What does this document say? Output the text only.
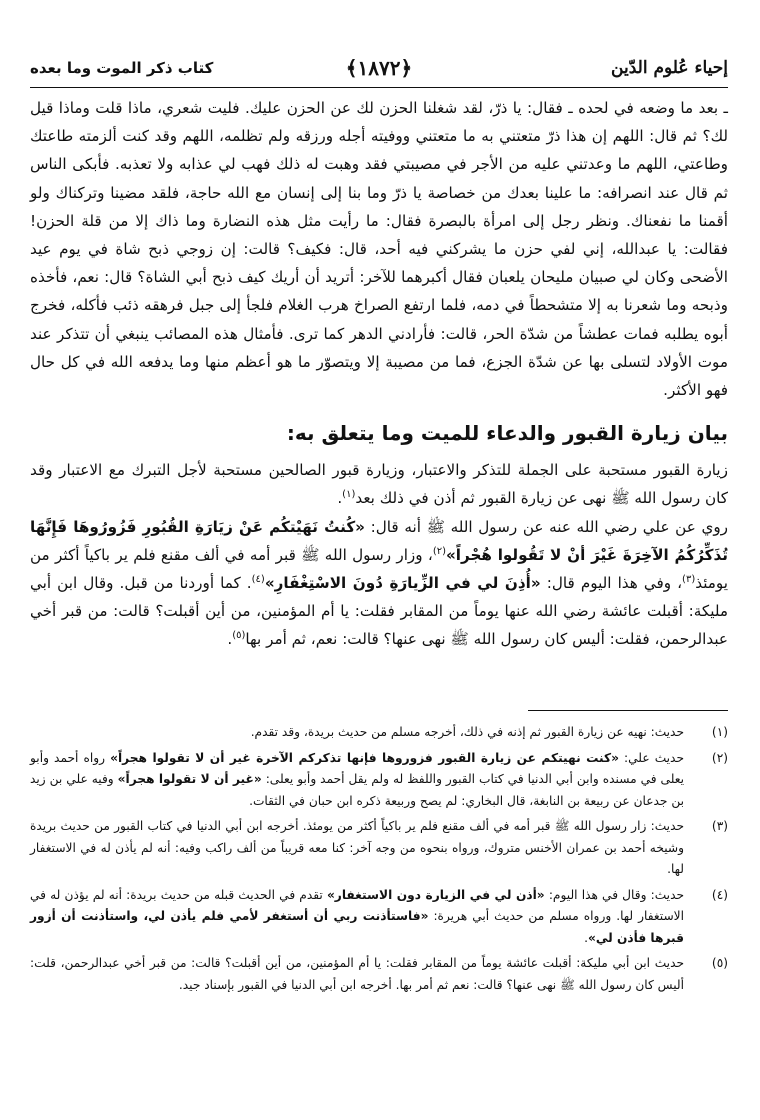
إحياء عُلوم الدّين
﴿١٨٧٢﴾
كتاب ذكر الموت وما بعده

ـ بعد ما وضعه في لحده ـ فقال: يا ذرّ، لقد شغلنا الحزن لك عن الحزن عليك. فليت شعري، ماذا قلت وماذا قيل لك؟ ثم قال: اللهم إن هذا ذرّ متعتني به ما متعتني ووفيته أجله ورزقه ولم تظلمه، اللهم وقد كنت ألزمته طاعتك وطاعتي، اللهم ما وعدتني عليه من الأجر في مصيبتي فقد وهبت له ذلك فهب لي عذابه ولا تعذبه. فأبكى الناس ثم قال عند انصرافه: ما علينا بعدك من خصاصة يا ذرّ وما بنا إلى إنسان مع الله حاجة، فلقد مضينا وتركناك ولو أقمنا ما نفعناك. ونظر رجل إلى امرأة بالبصرة فقال: ما رأيت مثل هذه النضارة وما ذاك إلا من قلة الحزن! فقالت: يا عبدالله، إني لفي حزن ما يشركني فيه أحد، قال: فكيف؟ قالت: إن زوجي ذبح شاة في يوم عيد الأضحى وكان لي صبيان مليحان يلعبان فقال أكبرهما للآخر: أتريد أن أريك كيف ذبح أبي الشاة؟ قال: نعم، فأخذه وذبحه وما شعرنا به إلا متشحطاً في دمه، فلما ارتفع الصراخ هرب الغلام فلجأ إلى جبل فرهقه ذئب فأكله، فخرج أبوه يطلبه فمات عطشاً من شدّة الحر، قالت: فأرادني الدهر كما ترى. فأمثال هذه المصائب ينبغي أن تتذكر عند موت الأولاد لتسلى بها عن شدّة الجزع، فما من مصيبة إلا ويتصوّر ما هو أعظم منها وما يدفعه الله في كل حال فهو الأكثر.

بيان زيارة القبور والدعاء للميت وما يتعلق به:

زيارة القبور مستحبة على الجملة للتذكر والاعتبار، وزيارة قبور الصالحين مستحبة لأجل التبرك مع الاعتبار وقد كان رسول الله ﷺ نهى عن زيارة القبور ثم أذن في ذلك بعد$^{(١)}$.

روي عن علي رضي الله عنه عن رسول الله ﷺ أنه قال: «كُنتُ نَهَيْتكُم عَنْ زيَارَةِ القُبُورِ فَزُورُوهَا فَإِنَّهَا تُذَكِّرُكُمُ الآخِرَةَ غَيْرَ أنْ لا تَقُولوا هُجْراً»$^{(٢)}$، وزار رسول الله ﷺ قبر أمه في ألف مقنع فلم ير باكياً أكثر من يومئذ$^{(٣)}$، وفي هذا اليوم قال: «أُذِنَ لي في الزِّيارَةِ دُونَ الاسْتِغْفَارِ»$^{(٤)}$. كما أوردنا من قبل. وقال ابن أبي مليكة: أقبلت عائشة رضي الله عنها يوماً من المقابر فقلت: يا أم المؤمنين، من أين أقبلت؟ قالت: من قبر أخي عبدالرحمن، فقلت: أليس كان رسول الله ﷺ نهى عنها؟ قالت: نعم، ثم أمر بها$^{(٥)}$.

(١)
حديث: نهيه عن زيارة القبور ثم إذنه في ذلك، أخرجه مسلم من حديث بريدة، وقد تقدم.
(٢)
حديث علي: «كنت نهيتكم عن زيارة القبور فزوروها فإنها تذكركم الآخرة غير أن لا تقولوا هجراً» رواه أحمد وأبو يعلى في مسنده وابن أبي الدنيا في كتاب القبور واللفظ له ولم يقل أحمد وأبو يعلى: «غير أن لا تقولوا هجراً» وفيه علي بن زيد بن جدعان عن ربيعة بن النابغة، قال البخاري: لم يصح وربيعة ذكره ابن حبان في الثقات.
(٣)
حديث: زار رسول الله ﷺ قبر أمه في ألف مقنع فلم ير باكياً أكثر من يومئذ. أخرجه ابن أبي الدنيا في كتاب القبور من حديث بريدة وشيخه أحمد بن عمران الأخنس متروك، ورواه بنحوه من وجه آخر: كنا معه قريباً من ألف راكب وفيه: أنه لم يأذن له في الاستغفار لها.
(٤)
حديث: وقال في هذا اليوم: «أذن لي في الزيارة دون الاستغفار» تقدم في الحديث قبله من حديث بريدة: أنه لم يؤذن له في الاستغفار لها. ورواه مسلم من حديث أبي هريرة: «فاستأذنت ربي أن أستغفر لأمي فلم يأذن لي، واستأذنت أن أزور قبرها فأذن لي».
(٥)
حديث ابن أبي مليكة: أقبلت عائشة يوماً من المقابر فقلت: يا أم المؤمنين، من أين أقبلت؟ قالت: من قبر أخي عبدالرحمن، قلت: أليس كان رسول الله ﷺ نهى عنها؟ قالت: نعم ثم أمر بها. أخرجه ابن أبي الدنيا في القبور بإسناد جيد.
